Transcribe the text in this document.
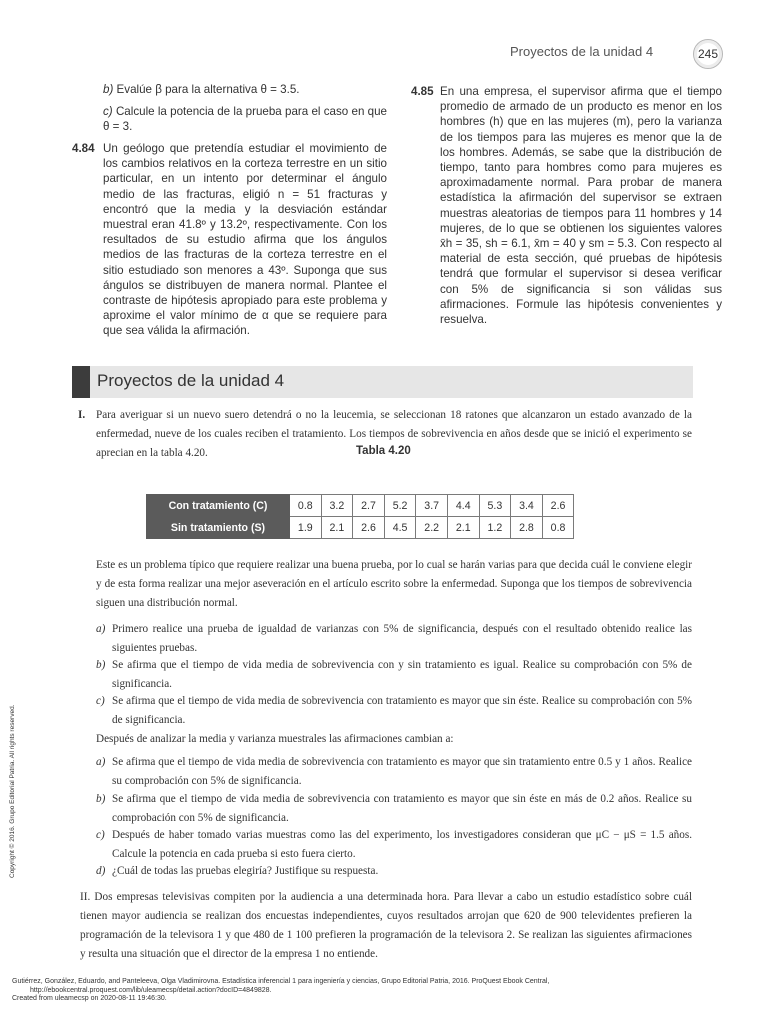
Proyectos de la unidad 4	245
b) Evalúe β para la alternativa θ = 3.5.
c) Calcule la potencia de la prueba para el caso en que θ = 3.
4.84 Un geólogo que pretendía estudiar el movimiento de los cambios relativos en la corteza terrestre en un sitio particular, en un intento por determinar el ángulo medio de las fracturas, eligió n = 51 fracturas y encontró que la media y la desviación estándar muestral eran 41.8º y 13.2º, respectivamente. Con los resultados de su estudio afirma que los ángulos medios de las fracturas de la corteza terrestre en el sitio estudiado son menores a 43º. Suponga que sus ángulos se distribuyen de manera normal. Plantee el contraste de hipótesis apropiado para este problema y aproxime el valor mínimo de α que se requiere para que sea válida la afirmación.
4.85 En una empresa, el supervisor afirma que el tiempo promedio de armado de un producto es menor en los hombres (h) que en las mujeres (m), pero la varianza de los tiempos para las mujeres es menor que la de los hombres. Además, se sabe que la distribución de tiempo, tanto para hombres como para mujeres es aproximadamente normal. Para probar de manera estadística la afirmación del supervisor se extraen muestras aleatorias de tiempos para 11 hombres y 14 mujeres, de lo que se obtienen los siguientes valores x̄h = 35, sh = 6.1, x̄m = 40 y sm = 5.3. Con respecto al material de esta sección, qué pruebas de hipótesis tendrá que formular el supervisor si desea verificar con 5% de significancia si son válidas sus afirmaciones. Formule las hipótesis convenientes y resuelva.
Proyectos de la unidad 4
I. Para averiguar si un nuevo suero detendrá o no la leucemia, se seleccionan 18 ratones que alcanzaron un estado avanzado de la enfermedad, nueve de los cuales reciben el tratamiento. Los tiempos de sobrevivencia en años desde que se inició el experimento se aprecian en la tabla 4.20.	Tabla 4.20
Con tratamiento (C)	0.8	3.2	2.7	5.2	3.7	4.4	5.3	3.4	2.6
Sin tratamiento (S)	1.9	2.1	2.6	4.5	2.2	2.1	1.2	2.8	0.8
Este es un problema típico que requiere realizar una buena prueba, por lo cual se harán varias para que decida cuál le conviene elegir y de esta forma realizar una mejor aseveración en el artículo escrito sobre la enfermedad. Suponga que los tiempos de sobrevivencia siguen una distribución normal.
a) Primero realice una prueba de igualdad de varianzas con 5% de significancia, después con el resultado obtenido realice las siguientes pruebas.
b) Se afirma que el tiempo de vida media de sobrevivencia con y sin tratamiento es igual. Realice su comprobación con 5% de significancia.
c) Se afirma que el tiempo de vida media de sobrevivencia con tratamiento es mayor que sin éste. Realice su comprobación con 5% de significancia.
Después de analizar la media y varianza muestrales las afirmaciones cambian a:
a) Se afirma que el tiempo de vida media de sobrevivencia con tratamiento es mayor que sin tratamiento entre 0.5 y 1 años. Realice su comprobación con 5% de significancia.
b) Se afirma que el tiempo de vida media de sobrevivencia con tratamiento es mayor que sin éste en más de 0.2 años. Realice su comprobación con 5% de significancia.
c) Después de haber tomado varias muestras como las del experimento, los investigadores consideran que μC − μS = 1.5 años. Calcule la potencia en cada prueba si esto fuera cierto.
d) ¿Cuál de todas las pruebas elegiría? Justifique su respuesta.
II. Dos empresas televisivas compiten por la audiencia a una determinada hora. Para llevar a cabo un estudio estadístico sobre cuál tienen mayor audiencia se realizan dos encuestas independientes, cuyos resultados arrojan que 620 de 900 televidentes prefieren la programación de la televisora 1 y que 480 de 1 100 prefieren la programación de la televisora 2. Se realizan las siguientes afirmaciones y resulta una situación que el director de la empresa 1 no entiende.
Copyright © 2016. Grupo Editorial Patria. All rights reserved.
Gutiérrez, González, Eduardo, and Panteleeva, Olga Vladimirovna. Estadística inferencial 1 para ingeniería y ciencias, Grupo Editorial Patria, 2016. ProQuest Ebook Central,
http://ebookcentral.proquest.com/lib/uleamecsp/detail.action?docID=4849828.
Created from uleamecsp on 2020-08-11 19:46:30.
